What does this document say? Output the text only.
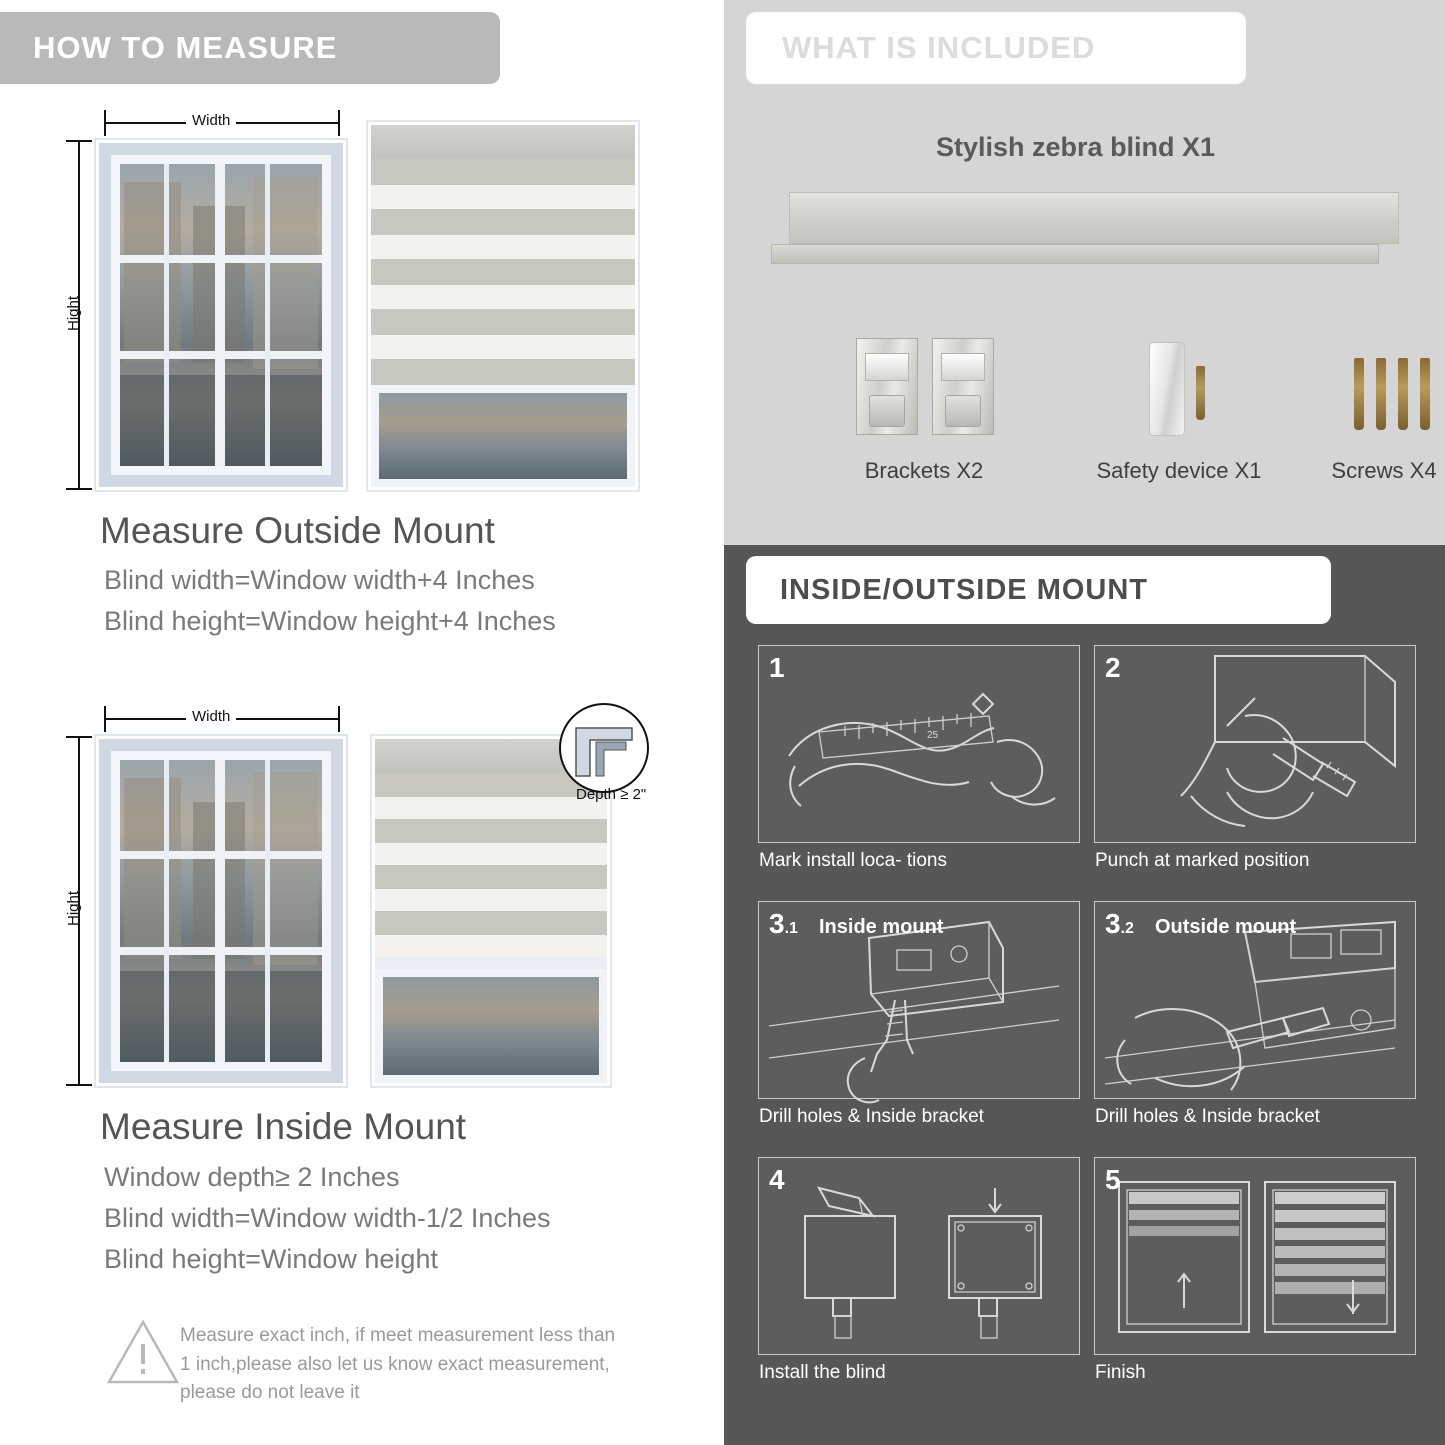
HOW TO MEASURE
Width
Hight
Measure Outside Mount
Blind width=Window width+4 Inches
Blind height=Window height+4 Inches
Width
Hight
Depth ≥ 2"
Measure Inside Mount
Window depth≥ 2 Inches
Blind width=Window width-1/2 Inches
Blind height=Window height
Measure exact inch, if meet measurement less than 1 inch,please also let us know exact measurement, please do not leave it
WHAT IS INCLUDED
Stylish zebra blind X1
Brackets X2	Safety device X1	Screws X4
INSIDE/OUTSIDE MOUNT
1
25
Mark install loca- tions
2
Punch at marked position
3.1 Inside mount
Drill holes & Inside bracket
3.2 Outside mount
Drill holes & Inside bracket
4
Install the blind
5
Finish
